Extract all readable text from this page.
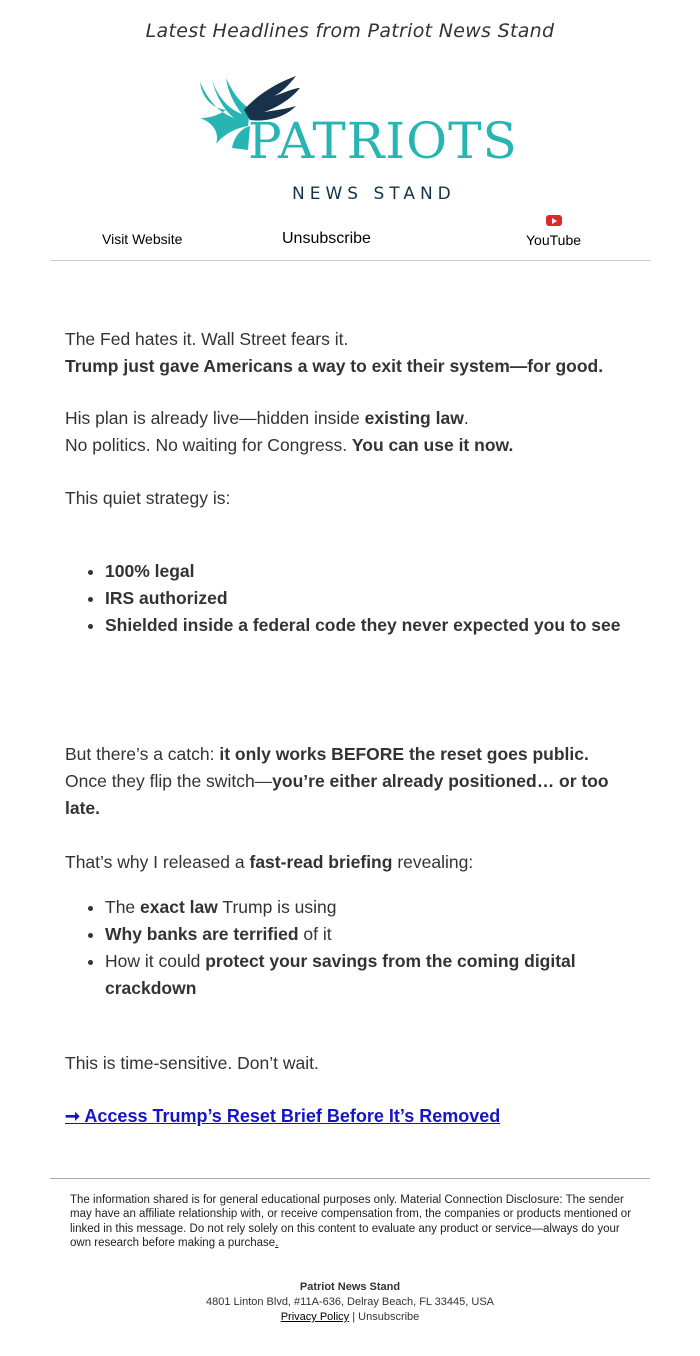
Latest Headlines from Patriot News Stand
PATRIOTS
NEWS STAND
Visit Website	Unsubscribe	YouTube

The Fed hates it. Wall Street fears it.
Trump just gave Americans a way to exit their system—for good.

His plan is already live—hidden inside existing law.
No politics. No waiting for Congress. You can use it now.

This quiet strategy is:

• 100% legal
• IRS authorized
• Shielded inside a federal code they never expected you to see

But there’s a catch: it only works BEFORE the reset goes public.
Once they flip the switch—you’re either already positioned… or too late.

That’s why I released a fast-read briefing revealing:

• The exact law Trump is using
• Why banks are terrified of it
• How it could protect your savings from the coming digital crackdown

This is time-sensitive. Don’t wait.

➞ Access Trump’s Reset Brief Before It’s Removed
The information shared is for general educational purposes only. Material Connection Disclosure: The sender may have an affiliate relationship with, or receive compensation from, the companies or products mentioned or linked in this message. Do not rely solely on this content to evaluate any product or service—always do your own research before making a purchase.
Patriot News Stand
4801 Linton Blvd, #11A-636, Delray Beach, FL 33445, USA
Privacy Policy | Unsubscribe
